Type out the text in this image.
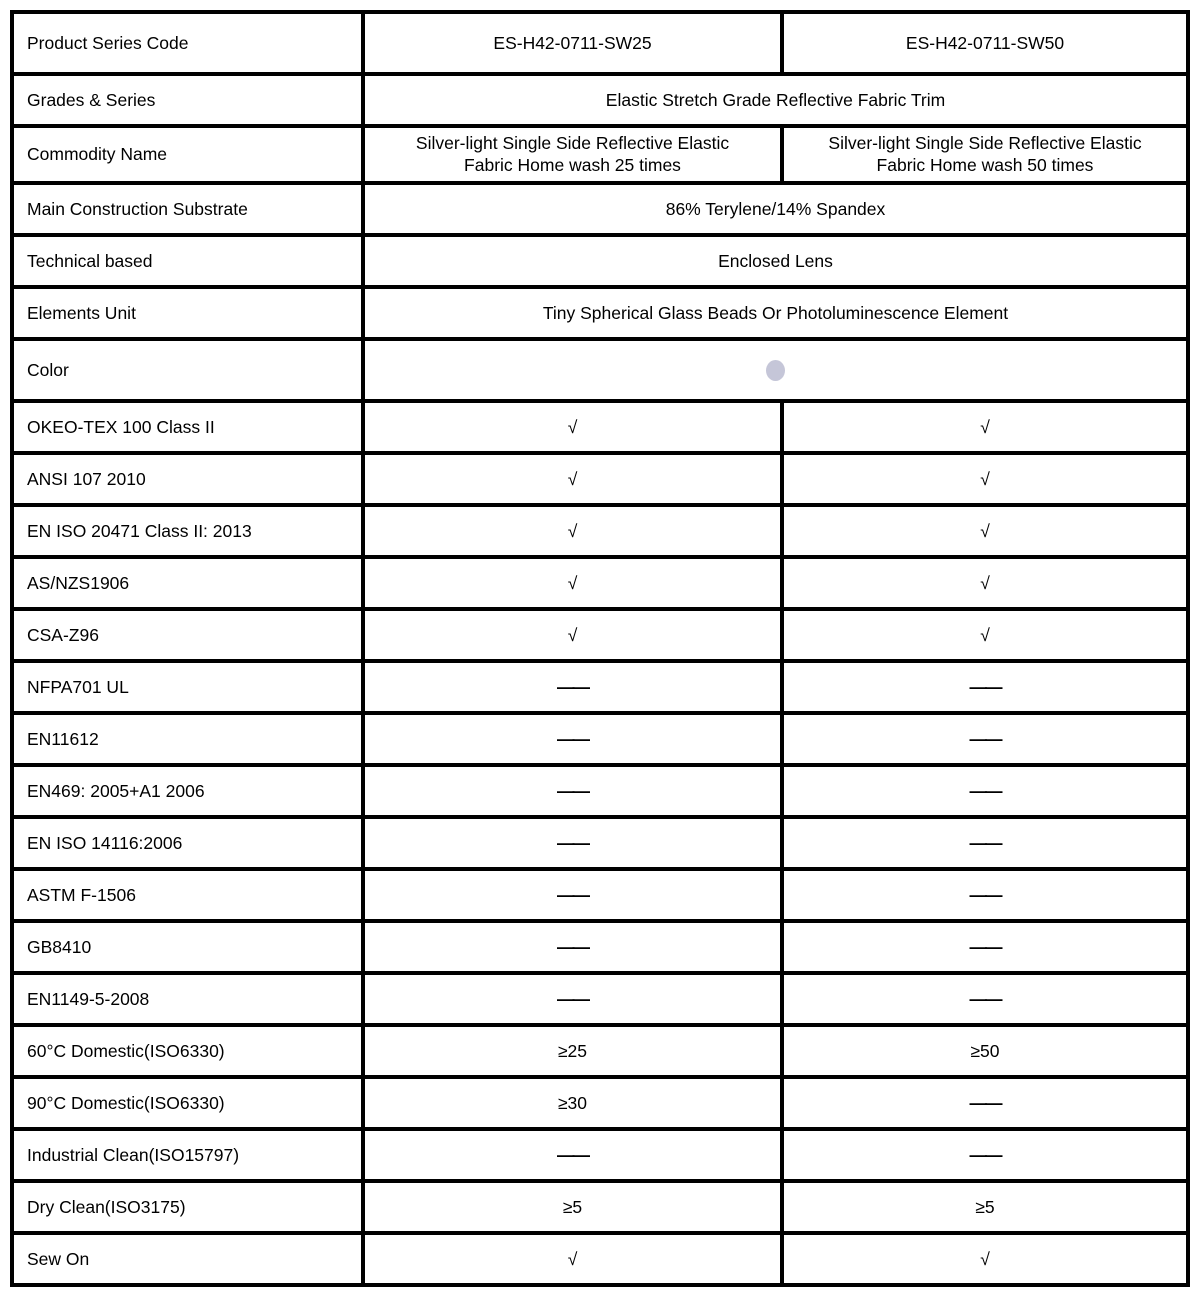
Product Series Code	ES-H42-0711-SW25	ES-H42-0711-SW50
Grades & Series	Elastic Stretch Grade Reflective Fabric Trim	
Commodity Name	Silver-light Single Side Reflective Elastic Fabric Home wash 25 times	Silver-light Single Side Reflective Elastic Fabric Home wash 50 times
Main Construction Substrate	86% Terylene/14% Spandex	
Technical based	Enclosed Lens	
Elements Unit	Tiny Spherical Glass Beads Or Photoluminescence Element	
Color		
OKEO-TEX 100 Class II	√	√
ANSI 107 2010	√	√
EN ISO 20471 Class II: 2013	√	√
AS/NZS1906	√	√
CSA-Z96	√	√
NFPA701 UL	——	——
EN11612	——	——
EN469: 2005+A1 2006	——	——
EN ISO 14116:2006	——	——
ASTM F-1506	——	——
GB8410	——	——
EN1149-5-2008	——	——
60°C Domestic(ISO6330)	≥25	≥50
90°C Domestic(ISO6330)	≥30	——
Industrial Clean(ISO15797)	——	——
Dry Clean(ISO3175)	≥5	≥5
Sew On	√	√
